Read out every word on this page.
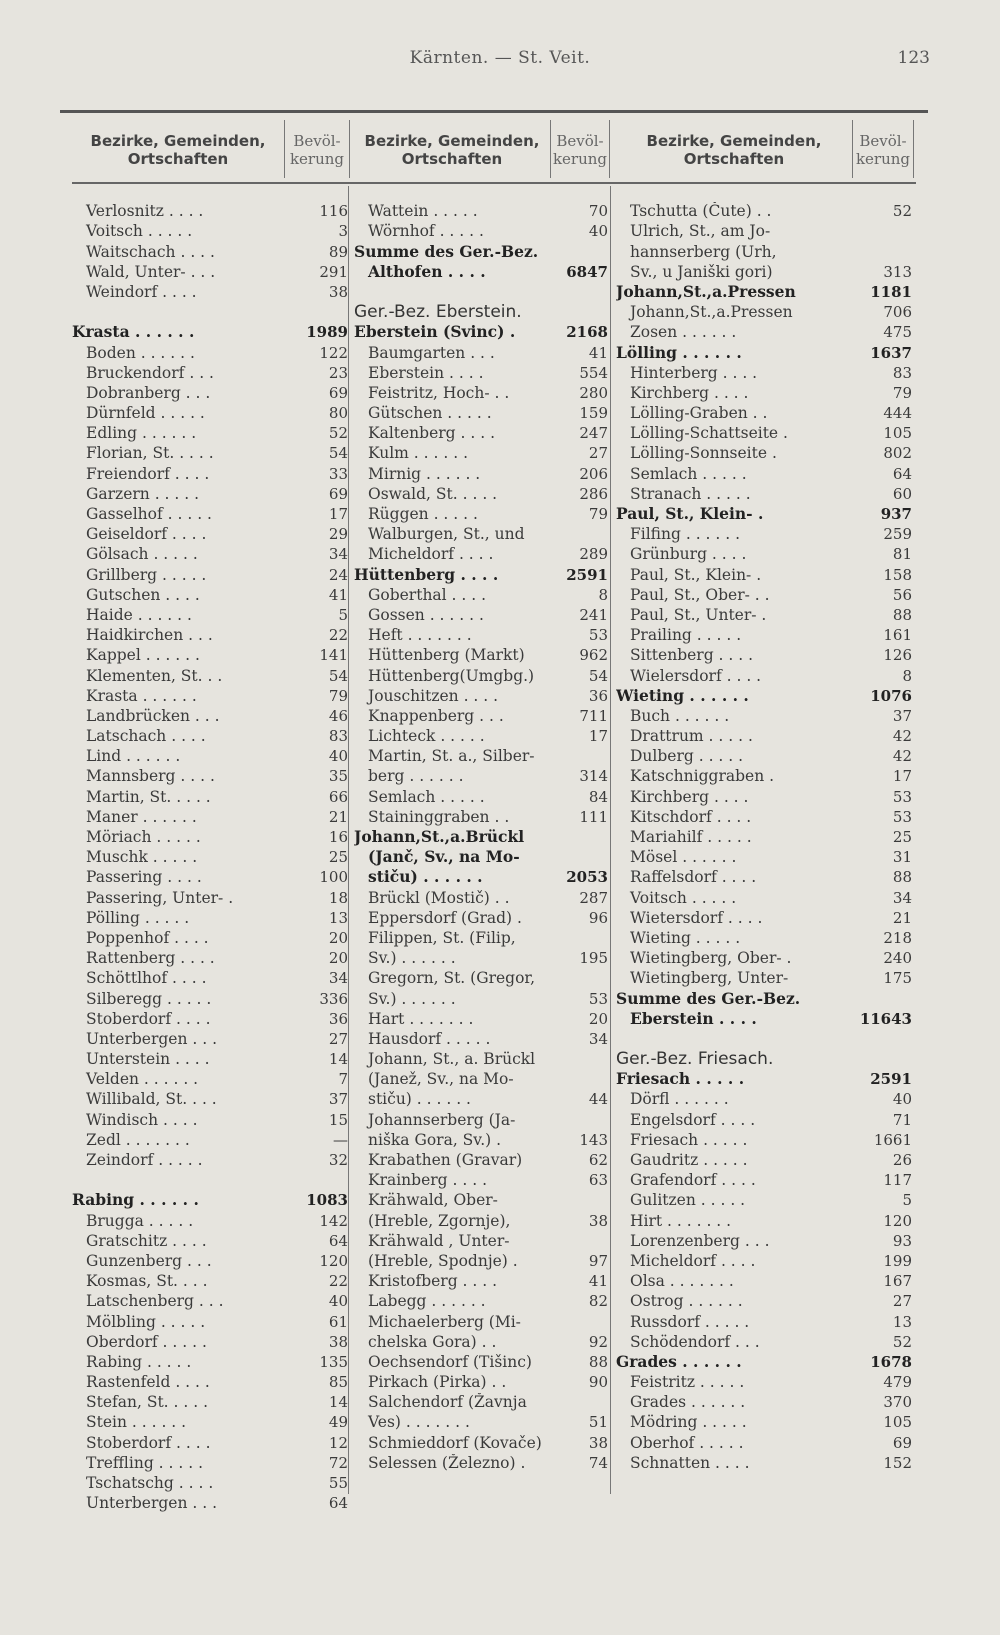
Kärnten. — St. Veit.	123
Bezirke, Gemeinden, Ortschaften
Bevöl- kerung
Verlosnitz . . . .	116
Voitsch . . . . .	3
Waitschach . . . .	89
Wald, Unter- . . .	291
Weindorf . . . .	38
Krasta . . . . . .	1989
Boden . . . . . .	122
Bruckendorf . . .	23
Dobranberg . . .	69
Dürnfeld . . . . .	80
Edling . . . . . .	52
Florian, St. . . . .	54
Freiendorf . . . .	33
Garzern . . . . .	69
Gasselhof . . . . .	17
Geiseldorf . . . .	29
Gölsach . . . . .	34
Grillberg . . . . .	24
Gutschen . . . .	41
Haide . . . . . .	5
Haidkirchen . . .	22
Kappel . . . . . .	141
Klementen, St. . .	54
Krasta . . . . . .	79
Landbrücken . . .	46
Latschach . . . .	83
Lind . . . . . .	40
Mannsberg . . . .	35
Martin, St. . . . .	66
Maner . . . . . .	21
Möriach . . . . .	16
Muschk . . . . .	25
Passering . . . .	100
Passering, Unter- .	18
Pölling . . . . .	13
Poppenhof . . . .	20
Rattenberg . . . .	20
Schöttlhof . . . .	34
Silberegg . . . . .	336
Stoberdorf . . . .	36
Unterbergen . . .	27
Unterstein . . . .	14
Velden . . . . . .	7
Willibald, St. . . .	37
Windisch . . . .	15
Zedl . . . . . . .	—
Zeindorf . . . . .	32
Rabing . . . . . .	1083
Brugga . . . . .	142
Gratschitz . . . .	64
Gunzenberg . . .	120
Kosmas, St. . . .	22
Latschenberg . . .	40
Mölbling . . . . .	61
Oberdorf . . . . .	38
Rabing . . . . .	135
Rastenfeld . . . .	85
Stefan, St. . . . .	14
Stein . . . . . .	49
Stoberdorf . . . .	12
Treffling . . . . .	72
Tschatschg . . . .	55
Unterbergen . . .	64
Bezirke, Gemeinden, Ortschaften
Bevöl- kerung
Wattein . . . . .	70
Wörnhof . . . . .	40
Summe des Ger.-Bez.
Althofen . . . .	6847
Ger.-Bez. Eberstein.
Eberstein (Svinc) .	2168
Baumgarten . . .	41
Eberstein . . . .	554
Feistritz, Hoch- . .	280
Gütschen . . . . .	159
Kaltenberg . . . .	247
Kulm . . . . . .	27
Mirnig . . . . . .	206
Oswald, St. . . . .	286
Rüggen . . . . .	79
Walburgen, St., und
Micheldorf . . . .	289
Hüttenberg . . . .	2591
Goberthal . . . .	8
Gossen . . . . . .	241
Heft . . . . . . .	53
Hüttenberg (Markt)	962
Hüttenberg(Umgbg.)	54
Jouschitzen . . . .	36
Knappenberg . . .	711
Lichteck . . . . .	17
Martin, St. a., Silber-
berg . . . . . .	314
Semlach . . . . .	84
Staininggraben . .	111
Johann,St.,a.Brückl
(Janč, Sv., na Mo-
stiču) . . . . . .	2053
Brückl (Mostič) . .	287
Eppersdorf (Grad) .	96
Filippen, St. (Filip,
Sv.) . . . . . .	195
Gregorn, St. (Gregor,
Sv.) . . . . . .	53
Hart . . . . . . .	20
Hausdorf . . . . .	34
Johann, St., a. Brückl
(Janež, Sv., na Mo-
stiču) . . . . . .	44
Johannserberg (Ja-
niška Gora, Sv.) .	143
Krabathen (Gravar)	62
Krainberg . . . .	63
Krähwald, Ober-
(Hreble, Zgornje),	38
Krähwald , Unter-
(Hreble, Spodnje) .	97
Kristofberg . . . .	41
Labegg . . . . . .	82
Michaelerberg (Mi-
chelska Gora) . .	92
Oechsendorf (Tišinc)	88
Pirkach (Pirka) . .	90
Salchendorf (Žavnja
Ves) . . . . . . .	51
Schmieddorf (Kovače)	38
Selessen (Železno) .	74
Bezirke, Gemeinden, Ortschaften
Bevöl- kerung
Tschutta (Čute) . .	52
Ulrich, St., am Jo-
hannserberg (Urh,
Sv., u Janiški gori)	313
Johann,St.,a.Pressen	1181
Johann,St.,a.Pressen	706
Zosen . . . . . .	475
Lölling . . . . . .	1637
Hinterberg . . . .	83
Kirchberg . . . .	79
Lölling-Graben . .	444
Lölling-Schattseite .	105
Lölling-Sonnseite .	802
Semlach . . . . .	64
Stranach . . . . .	60
Paul, St., Klein- .	937
Filfing . . . . . .	259
Grünburg . . . .	81
Paul, St., Klein- .	158
Paul, St., Ober- . .	56
Paul, St., Unter- .	88
Prailing . . . . .	161
Sittenberg . . . .	126
Wielersdorf . . . .	8
Wieting . . . . . .	1076
Buch . . . . . .	37
Drattrum . . . . .	42
Dulberg . . . . .	42
Katschniggraben .	17
Kirchberg . . . .	53
Kitschdorf . . . .	53
Mariahilf . . . . .	25
Mösel . . . . . .	31
Raffelsdorf . . . .	88
Voitsch . . . . .	34
Wietersdorf . . . .	21
Wieting . . . . .	218
Wietingberg, Ober- .	240
Wietingberg, Unter-	175
Summe des Ger.-Bez.
Eberstein . . . .	11643
Ger.-Bez. Friesach.
Friesach . . . . .	2591
Dörfl . . . . . .	40
Engelsdorf . . . .	71
Friesach . . . . .	1661
Gaudritz . . . . .	26
Grafendorf . . . .	117
Gulitzen . . . . .	5
Hirt . . . . . . .	120
Lorenzenberg . . .	93
Micheldorf . . . .	199
Olsa . . . . . . .	167
Ostrog . . . . . .	27
Russdorf . . . . .	13
Schödendorf . . .	52
Grades . . . . . .	1678
Feistritz . . . . .	479
Grades . . . . . .	370
Mödring . . . . .	105
Oberhof . . . . .	69
Schnatten . . . .	152
